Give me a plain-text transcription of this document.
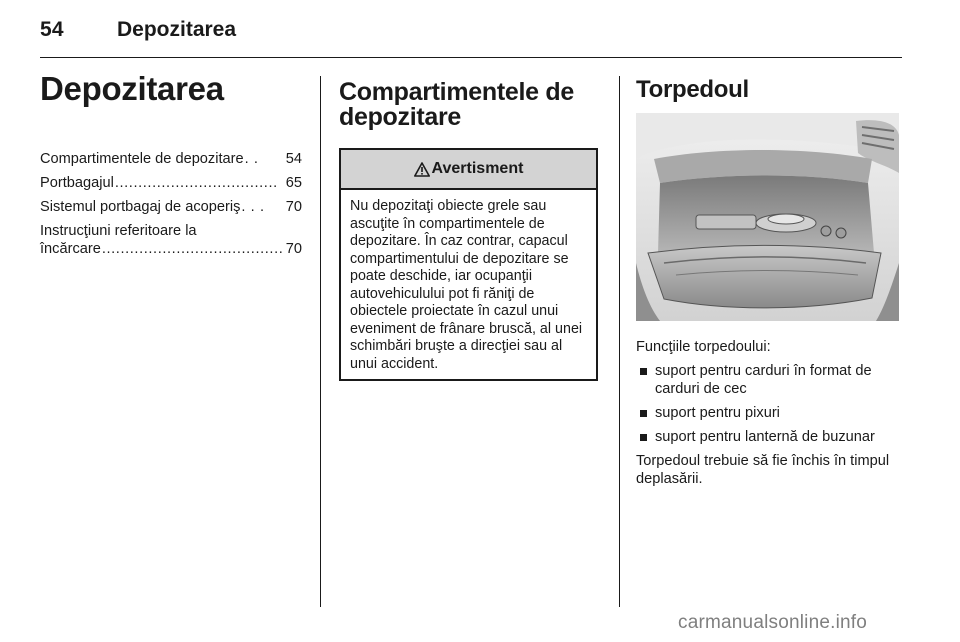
54	Depozitarea
Depozitarea
Compartimentele de depozitare . .	54
Portbagajul ................................... 65
Sistemul portbagaj de acoperiş . . .	70
Instrucţiuni referitoare la
încărcare ....................................... 70
Compartimentele de depozitare
Avertisment
Nu depozitaţi obiecte grele sau ascuţite în compartimentele de depozitare. În caz contrar, capacul compartimentului de depozitare se poate deschide, iar ocupanţii autovehiculului pot fi răniţi de obiectele proiectate în cazul unui eveniment de frânare bruscă, al unei schimbări bruşte a direcţiei sau al unui accident.
Torpedoul
Funcţiile torpedoului:
suport pentru carduri în format de carduri de cec
suport pentru pixuri
suport pentru lanternă de buzunar
Torpedoul trebuie să fie închis în timpul deplasării.
carmanualsonline.info
